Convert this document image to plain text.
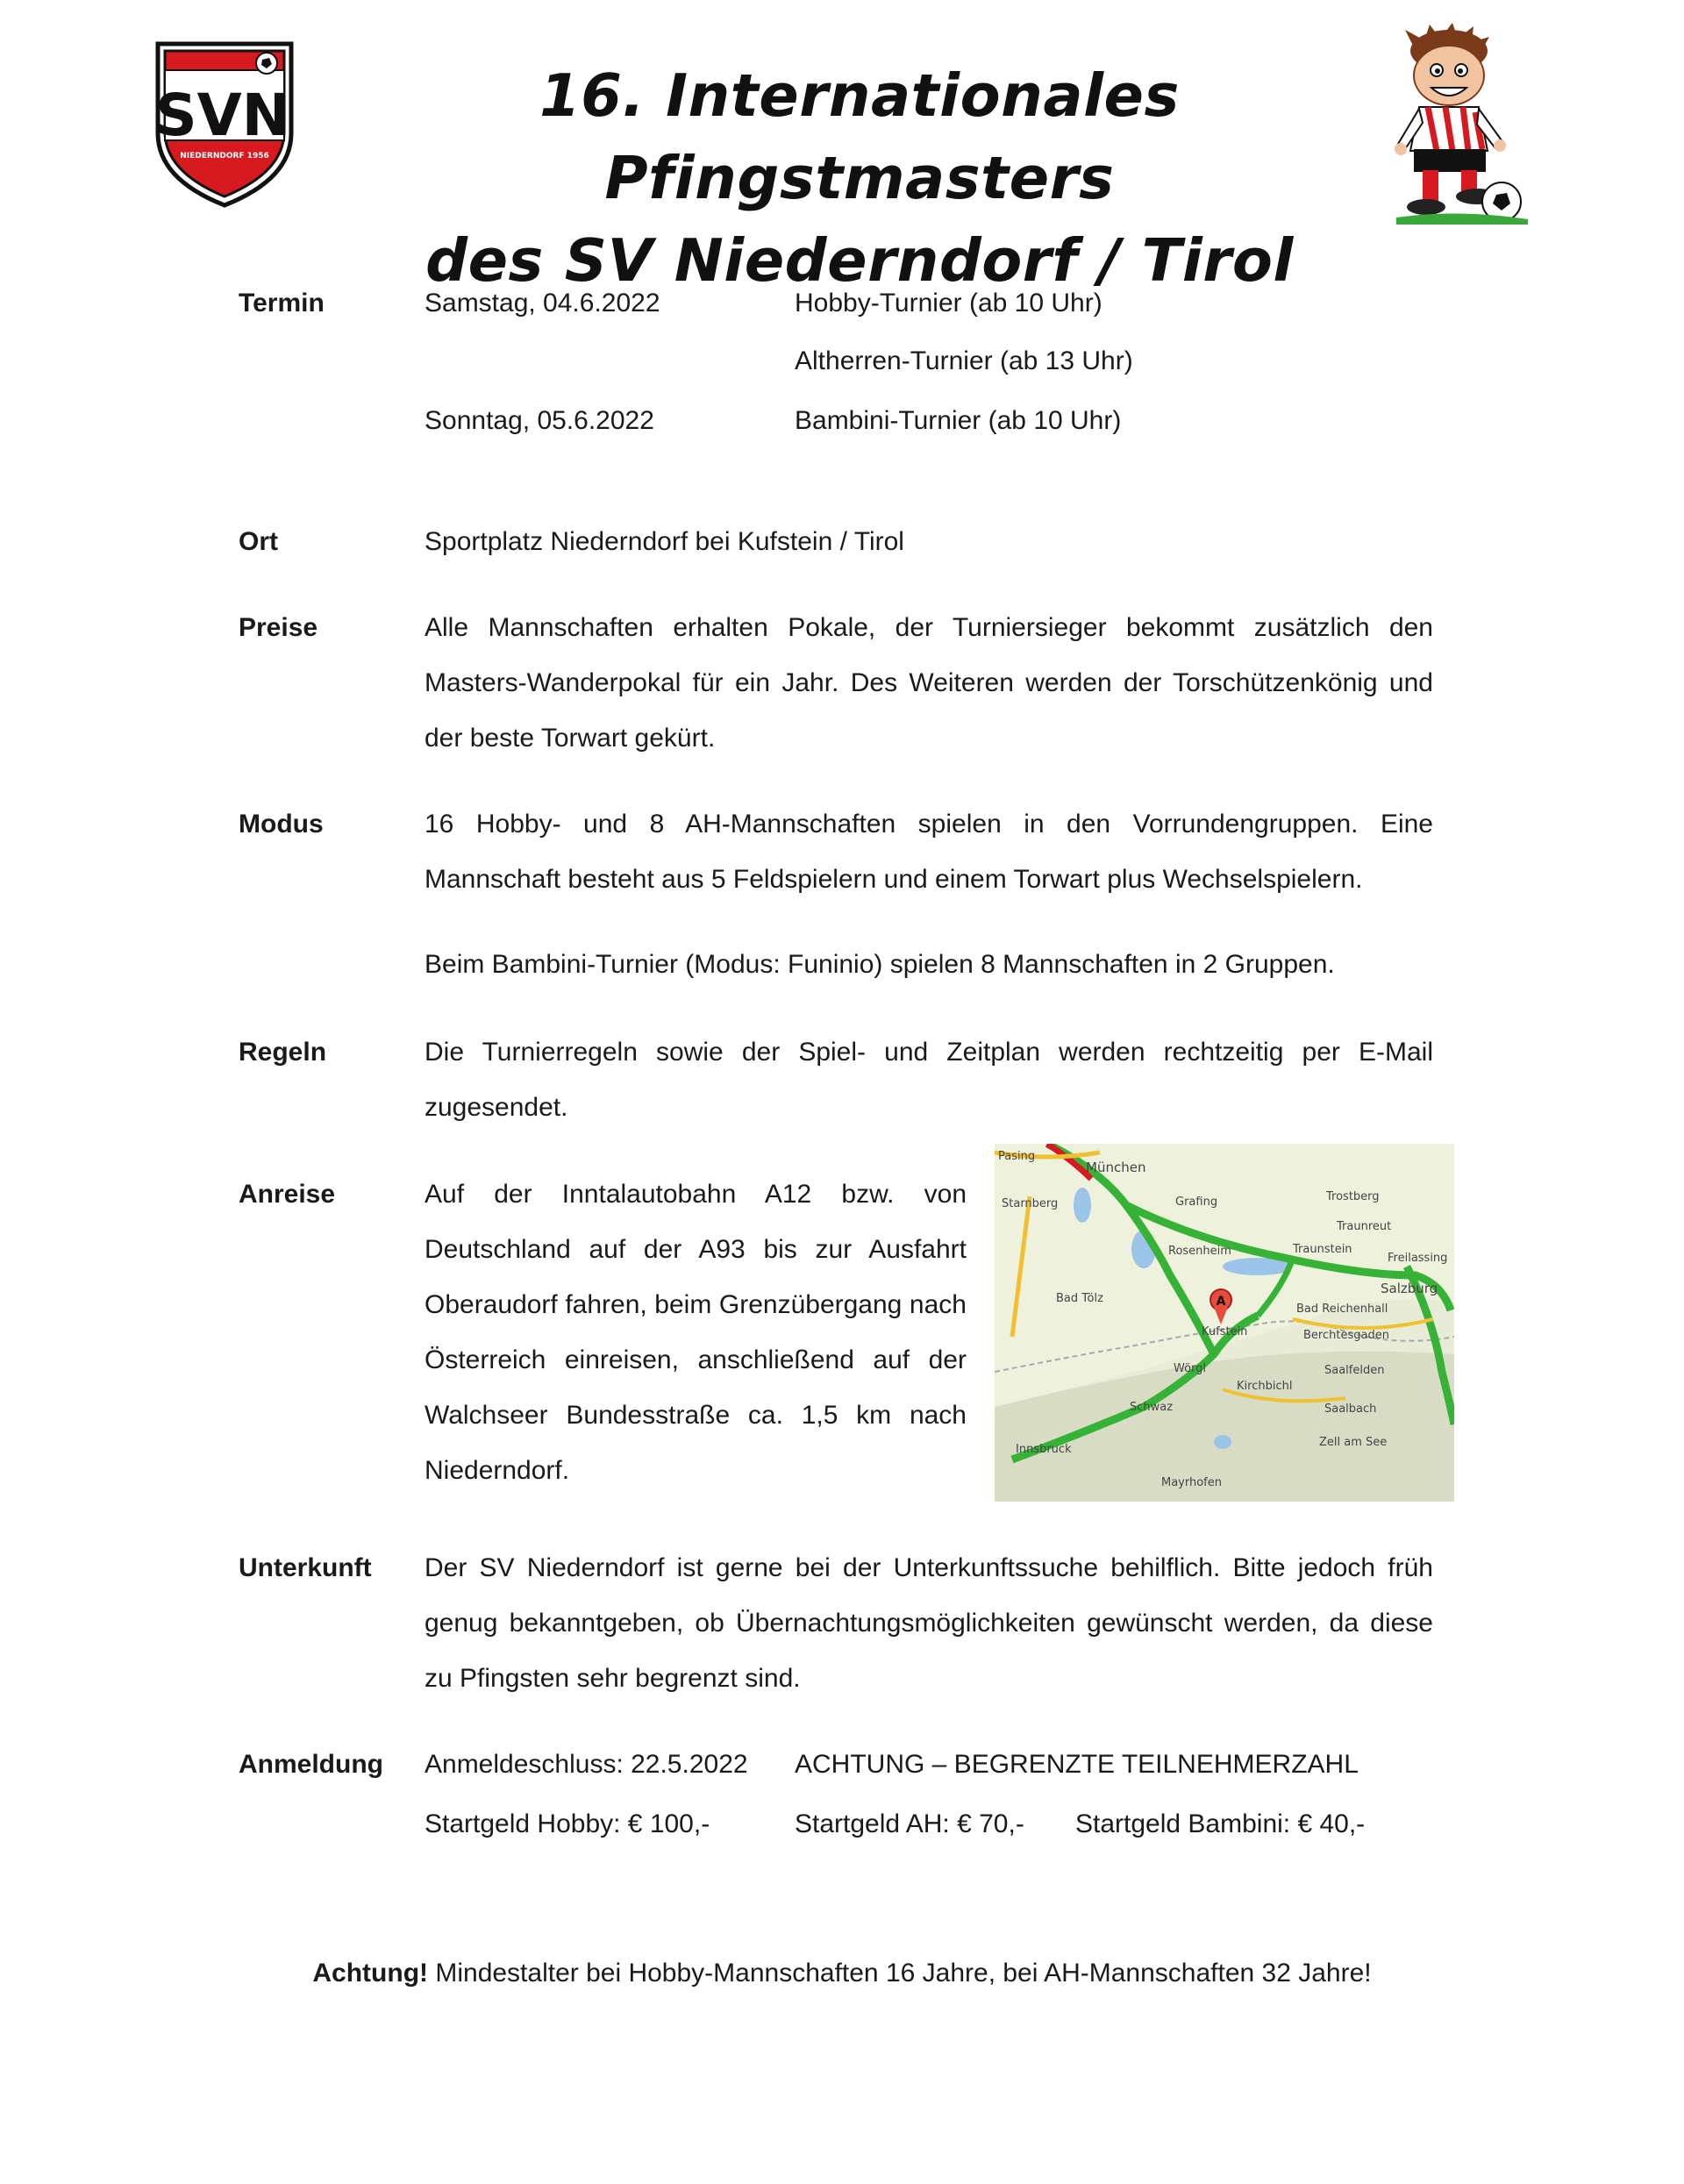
SVN
NIEDERNDORF 1956
16. Internationales Pfingstmasters
des SV Niederndorf / Tirol
Termin	Samstag, 04.6.2022	Hobby-Turnier (ab 10 Uhr)
Altherren-Turnier (ab 13 Uhr)
Sonntag, 05.6.2022	Bambini-Turnier (ab 10 Uhr)
Ort	Sportplatz Niederndorf bei Kufstein / Tirol
Preise	Alle Mannschaften erhalten Pokale, der Turniersieger bekommt zusätzlich den Masters-Wanderpokal für ein Jahr. Des Weiteren werden der Torschützenkönig und der beste Torwart gekürt.
Modus	16 Hobby- und 8 AH-Mannschaften spielen in den Vorrundengruppen. Eine Mannschaft besteht aus 5 Feldspielern und einem Torwart plus Wechselspielern.
Beim Bambini-Turnier (Modus: Funinio) spielen 8 Mannschaften in 2 Gruppen.
Regeln	Die Turnierregeln sowie der Spiel- und Zeitplan werden rechtzeitig per E-Mail zugesendet.
Anreise	Auf der Inntalautobahn A12 bzw. von Deutschland auf der A93 bis zur Ausfahrt Oberaudorf fahren, beim Grenzübergang nach Österreich einreisen, anschließend auf der Walchseer Bundesstraße ca. 1,5 km nach Niederndorf.
A
Pasing
München
Grafing	Trostberg
Starnberg
Traunreut
Rosenheim	Traunstein
Freilassing
Bad Tölz
Bad Reichenhall
Salzburg
Kufstein	Berchtesgaden
Wörgl	Saalfelden
Kirchbichl
Schwaz	Saalbach
Innsbruck
Zell am See
Mayrhofen
Unterkunft Der SV Niederndorf ist gerne bei der Unterkunftssuche behilflich. Bitte jedoch früh genug bekanntgeben, ob Übernachtungsmöglichkeiten gewünscht werden, da diese zu Pfingsten sehr begrenzt sind.
Anmeldung Anmeldeschluss: 22.5.2022 ACHTUNG – BEGRENZTE TEILNEHMERZAHL
Startgeld Hobby: € 100,-	Startgeld AH: € 70,- Startgeld Bambini: € 40,-
Achtung! Mindestalter bei Hobby-Mannschaften 16 Jahre, bei AH-Mannschaften 32 Jahre!
